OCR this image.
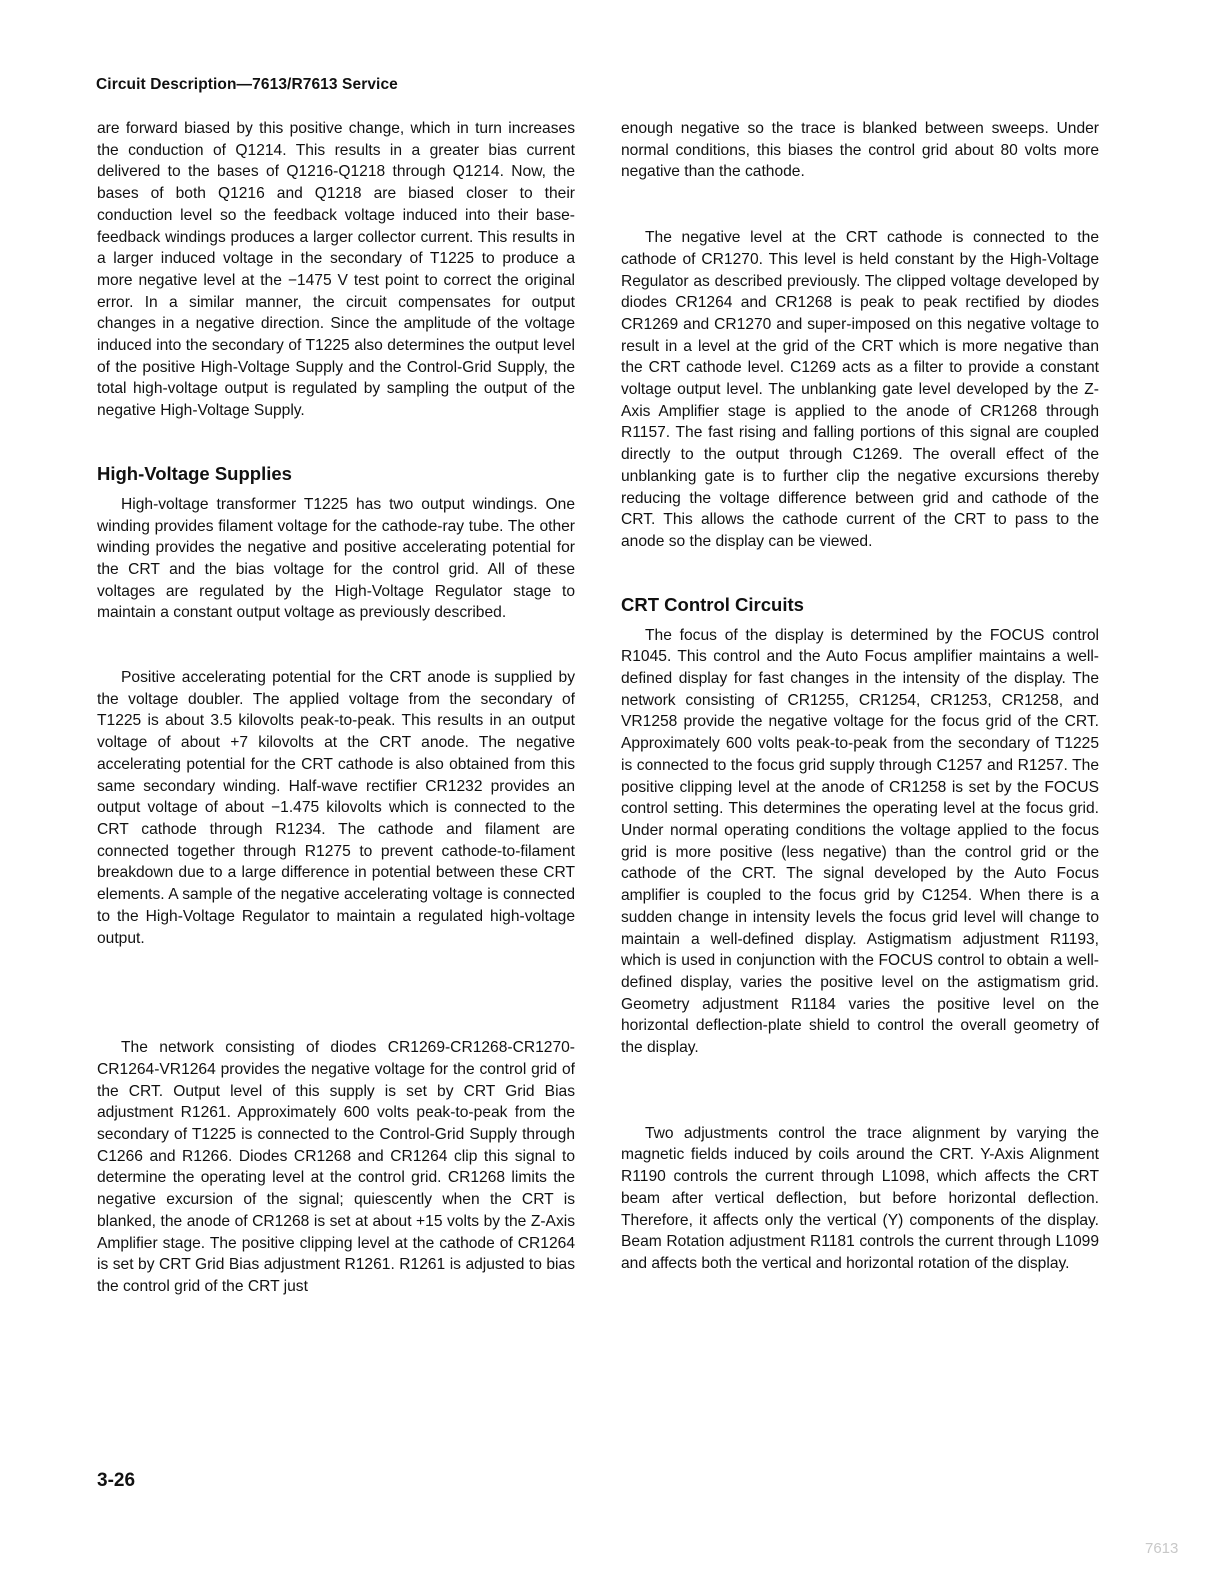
Circuit Description—7613/R7613 Service

are forward biased by this positive change, which in turn increases the conduction of Q1214. This results in a greater bias current delivered to the bases of Q1216-Q1218 through Q1214. Now, the bases of both Q1216 and Q1218 are biased closer to their conduction level so the feedback voltage induced into their base-feedback windings produces a larger collector current. This results in a larger induced voltage in the secondary of T1225 to produce a more negative level at the −1475 V test point to correct the original error. In a similar manner, the circuit compensates for output changes in a negative direction. Since the amplitude of the voltage induced into the secondary of T1225 also determines the output level of the positive High-Voltage Supply and the Control-Grid Supply, the total high-voltage output is regulated by sampling the output of the negative High-Voltage Supply.

High-Voltage Supplies

High-voltage transformer T1225 has two output windings. One winding provides filament voltage for the cathode-ray tube. The other winding provides the negative and positive accelerating potential for the CRT and the bias voltage for the control grid. All of these voltages are regulated by the High-Voltage Regulator stage to maintain a constant output voltage as previously described.

Positive accelerating potential for the CRT anode is supplied by the voltage doubler. The applied voltage from the secondary of T1225 is about 3.5 kilovolts peak-to-peak. This results in an output voltage of about +7 kilovolts at the CRT anode. The negative accelerating potential for the CRT cathode is also obtained from this same secondary winding. Half-wave rectifier CR1232 provides an output voltage of about −1.475 kilovolts which is connected to the CRT cathode through R1234. The cathode and filament are connected together through R1275 to prevent cathode-to-filament breakdown due to a large difference in potential between these CRT elements. A sample of the negative accelerating voltage is connected to the High-Voltage Regulator to maintain a regulated high-voltage output.

The network consisting of diodes CR1269-CR1268-CR1270-CR1264-VR1264 provides the negative voltage for the control grid of the CRT. Output level of this supply is set by CRT Grid Bias adjustment R1261. Approximately 600 volts peak-to-peak from the secondary of T1225 is connected to the Control-Grid Supply through C1266 and R1266. Diodes CR1268 and CR1264 clip this signal to determine the operating level at the control grid. CR1268 limits the negative excursion of the signal; quiescently when the CRT is blanked, the anode of CR1268 is set at about +15 volts by the Z-Axis Amplifier stage. The positive clipping level at the cathode of CR1264 is set by CRT Grid Bias adjustment R1261. R1261 is adjusted to bias the control grid of the CRT just

enough negative so the trace is blanked between sweeps. Under normal conditions, this biases the control grid about 80 volts more negative than the cathode.

The negative level at the CRT cathode is connected to the cathode of CR1270. This level is held constant by the High-Voltage Regulator as described previously. The clipped voltage developed by diodes CR1264 and CR1268 is peak to peak rectified by diodes CR1269 and CR1270 and super-imposed on this negative voltage to result in a level at the grid of the CRT which is more negative than the CRT cathode level. C1269 acts as a filter to provide a constant voltage output level. The unblanking gate level developed by the Z-Axis Amplifier stage is applied to the anode of CR1268 through R1157. The fast rising and falling portions of this signal are coupled directly to the output through C1269. The overall effect of the unblanking gate is to further clip the negative excursions thereby reducing the voltage difference between grid and cathode of the CRT. This allows the cathode current of the CRT to pass to the anode so the display can be viewed.

CRT Control Circuits

The focus of the display is determined by the FOCUS control R1045. This control and the Auto Focus amplifier maintains a well-defined display for fast changes in the intensity of the display. The network consisting of CR1255, CR1254, CR1253, CR1258, and VR1258 provide the negative voltage for the focus grid of the CRT. Approximately 600 volts peak-to-peak from the secondary of T1225 is connected to the focus grid supply through C1257 and R1257. The positive clipping level at the anode of CR1258 is set by the FOCUS control setting. This determines the operating level at the focus grid. Under normal operating conditions the voltage applied to the focus grid is more positive (less negative) than the control grid or the cathode of the CRT. The signal developed by the Auto Focus amplifier is coupled to the focus grid by C1254. When there is a sudden change in intensity levels the focus grid level will change to maintain a well-defined display. Astigmatism adjustment R1193, which is used in conjunction with the FOCUS control to obtain a well-defined display, varies the positive level on the astigmatism grid. Geometry adjustment R1184 varies the positive level on the horizontal deflection-plate shield to control the overall geometry of the display.

Two adjustments control the trace alignment by varying the magnetic fields induced by coils around the CRT. Y-Axis Alignment R1190 controls the current through L1098, which affects the CRT beam after vertical deflection, but before horizontal deflection. Therefore, it affects only the vertical (Y) components of the display. Beam Rotation adjustment R1181 controls the current through L1099 and affects both the vertical and horizontal rotation of the display.

3-26
7613
